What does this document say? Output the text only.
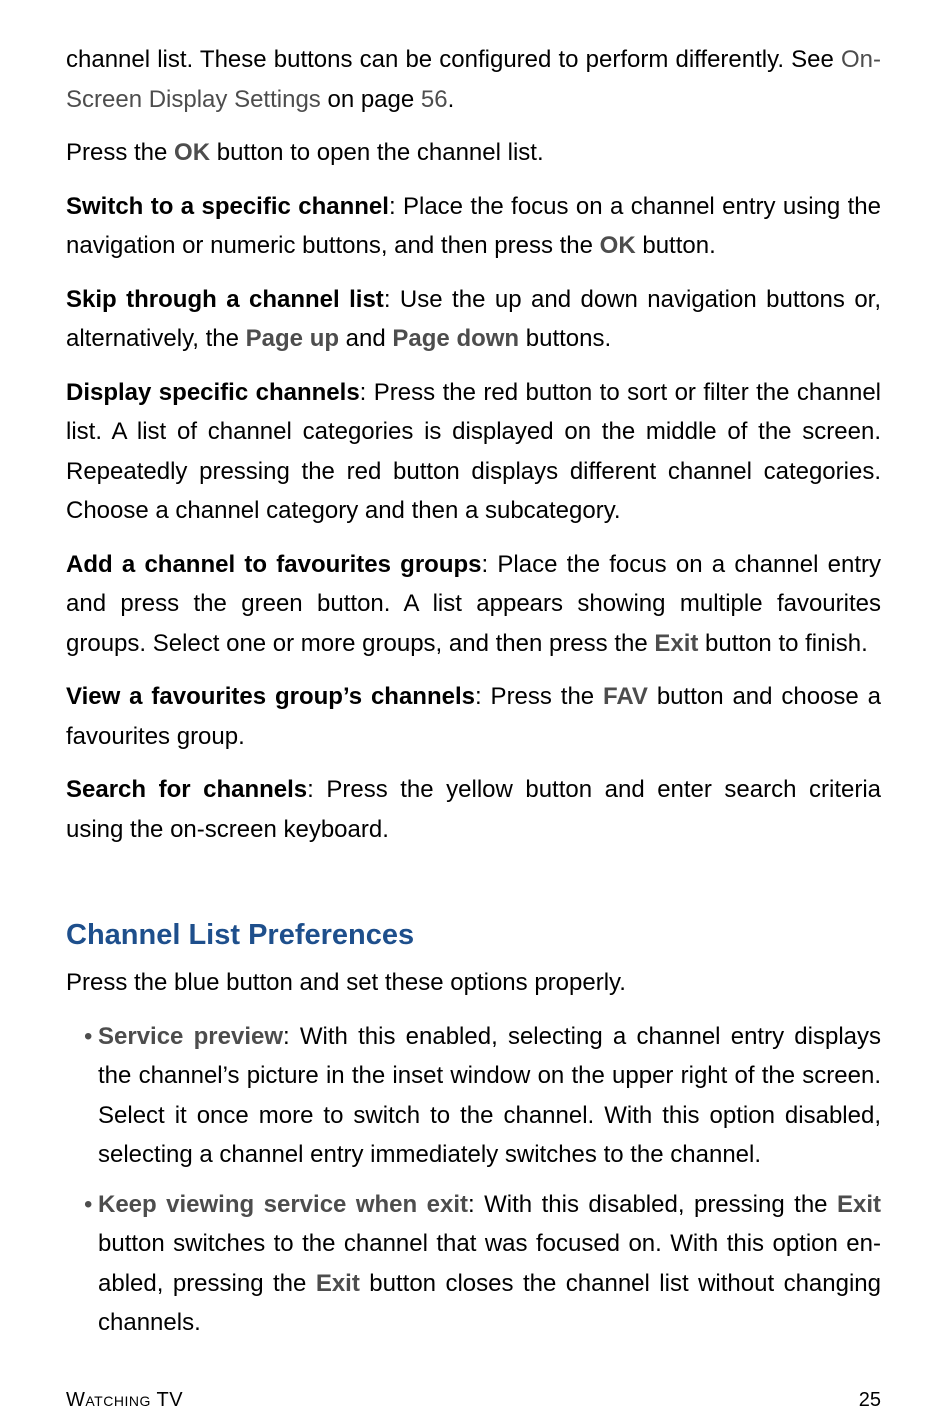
channel list. These buttons can be configured to perform differently. See On-Screen Display Settings on page 56.

Press the OK button to open the channel list.

Switch to a specific channel: Place the focus on a channel entry using the navigation or numeric buttons, and then press the OK button.

Skip through a channel list: Use the up and down navigation buttons or, alternatively, the Page up and Page down buttons.

Display specific channels: Press the red button to sort or filter the channel list. A list of channel categories is displayed on the middle of the screen. Repeatedly pressing the red button displays different channel categories. Choose a channel category and then a subcategory.

Add a channel to favourites groups: Place the focus on a channel entry and press the green button. A list appears showing multiple favourites groups. Select one or more groups, and then press the Exit button to finish.

View a favourites group’s channels: Press the FAV button and choose a favourites group.

Search for channels: Press the yellow button and enter search criteria using the on-screen keyboard.

Channel List Preferences

Press the blue button and set these options properly.

• Service preview: With this enabled, selecting a channel entry displays the channel’s picture in the inset window on the upper right of the screen. Select it once more to switch to the channel. With this option disabled, selecting a channel entry immediately switches to the channel.

• Keep viewing service when exit: With this disabled, pressing the Exit button switches to the channel that was focused on. With this option en-abled, pressing the Exit button closes the channel list without changing channels.

Watching TV	25
